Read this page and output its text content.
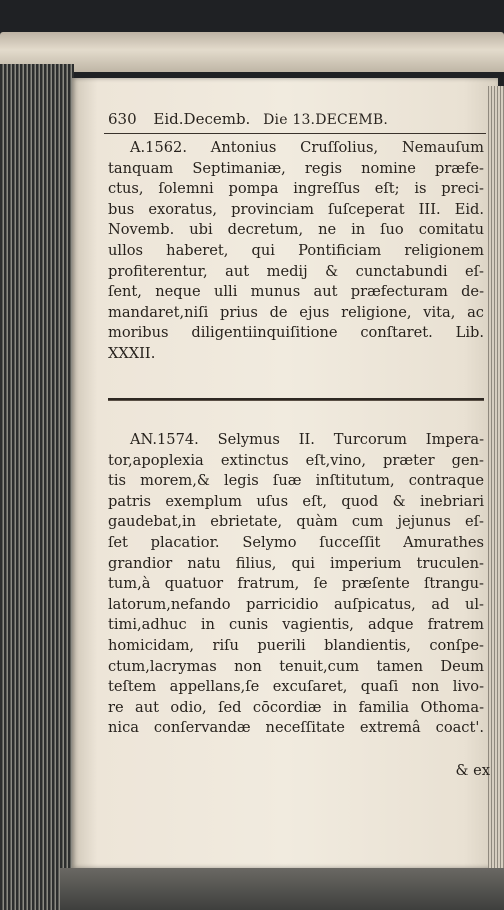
630 Eid.Decemb. Die 13.DECEMB.
A.1562. Antonius Cruſſolius, Nemauſum
tanquam Septimaniæ, regis nomine præfe-
ctus, ſolemni pompa ingreſſus eſt; is preci-
bus exoratus, provinciam ſuſceperat III. Eid.
Novemb. ubi decretum, ne in ſuo comitatu
ullos haberet, qui Pontificiam religionem
profiterentur, aut medij & cunctabundi eſ-
ſent, neque ulli munus aut præfecturam de-
mandaret,niſi prius de ejus religione, vita, ac
moribus diligentiinquiſitione conſtaret. Lib.
XXXII.
AN.1574. Selymus II. Turcorum Impera-
tor,apoplexia extinctus eſt,vino, præter gen-
tis morem,& legis ſuæ inſtitutum, contraque
patris exemplum uſus eſt, quod & inebriari
gaudebat,in ebrietate, quàm cum jejunus eſ-
ſet placatior. Selymo ſucceſſit Amurathes
grandior natu filius, qui imperium truculen-
tum,à quatuor fratrum, ſe præſente ſtrangu-
latorum,nefando parricidio auſpicatus, ad ul-
timi,adhuc in cunis vagientis, adque fratrem
homicidam, riſu puerili blandientis, conſpe-
ctum,lacrymas non tenuit,cum tamen Deum
teſtem appellans,ſe excuſaret, quaſi non livo-
re aut odio, ſed cōcordiæ in familia Othoma-
nica conſervandæ neceſſitate extremâ coact'.
& ex
